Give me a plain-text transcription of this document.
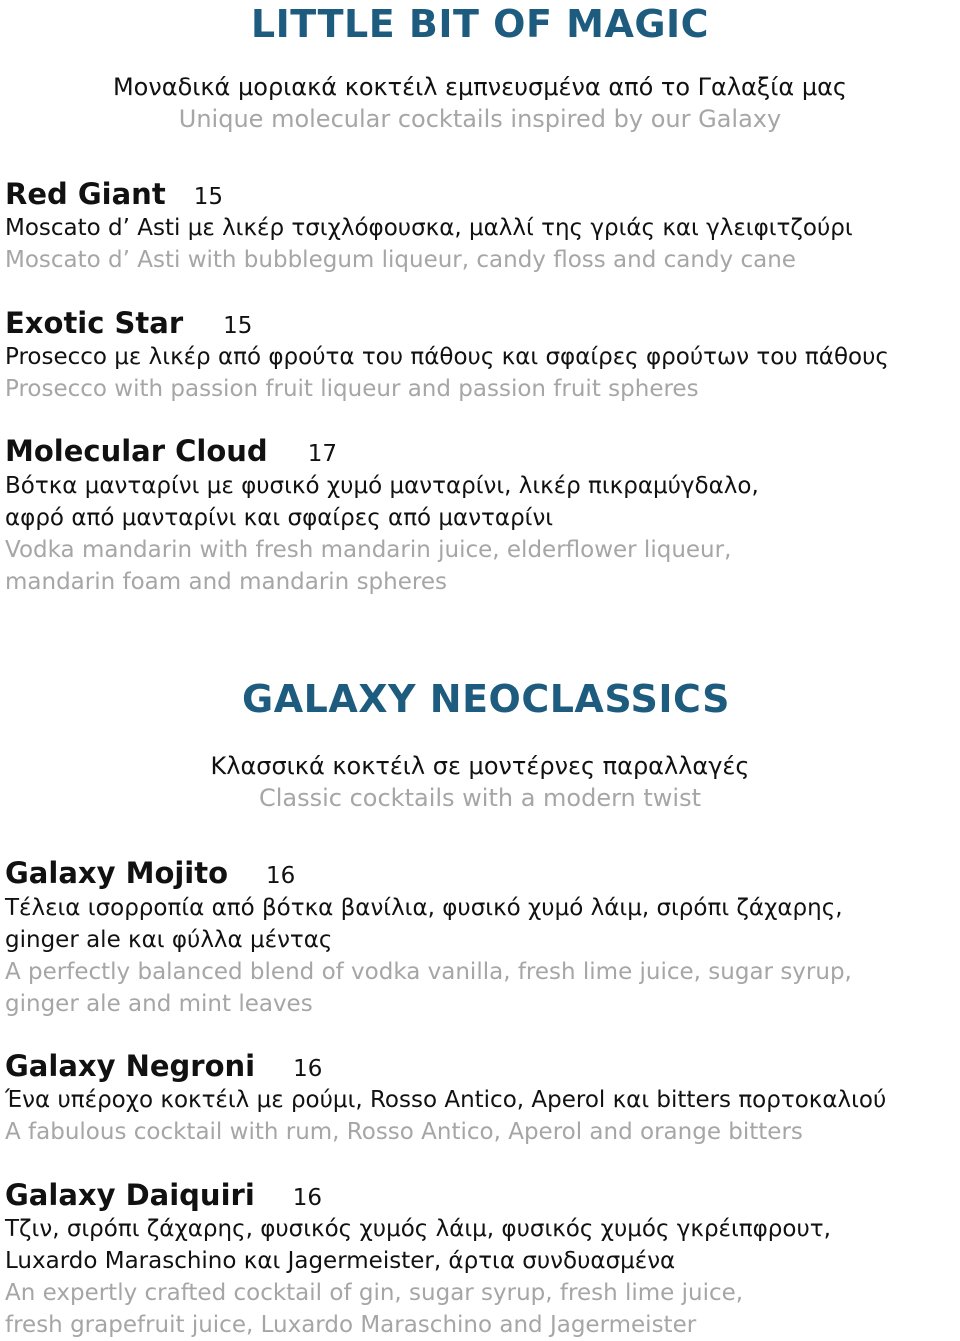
LITTLE BIT OF MAGIC
Μοναδικά μοριακά κοκτέιλ εμπνευσμένα από το Γαλαξία μας
Unique molecular cocktails inspired by our Galaxy
Red Giant 15
Moscato d’ Asti με λικέρ τσιχλόφουσκα, μαλλί της γριάς και γλειφιτζούρι
Moscato d’ Asti with bubblegum liqueur, candy floss and candy cane
Exotic Star 15
Prosecco με λικέρ από φρούτα του πάθους και σφαίρες φρούτων του πάθους
Prosecco with passion fruit liqueur and passion fruit spheres
Molecular Cloud 17
Βότκα μανταρίνι με φυσικό χυμό μανταρίνι, λικέρ πικραμύγδαλο,
αφρό από μανταρίνι και σφαίρες από μανταρίνι
Vodka mandarin with fresh mandarin juice, elderflower liqueur,
mandarin foam and mandarin spheres
GALAXY NEOCLASSICS
Κλασσικά κοκτέιλ σε μοντέρνες παραλλαγές
Classic cocktails with a modern twist
Galaxy Mojito 16
Τέλεια ισορροπία από βότκα βανίλια, φυσικό χυμό λάιμ, σιρόπι ζάχαρης,
ginger ale και φύλλα μέντας
A perfectly balanced blend of vodka vanilla, fresh lime juice, sugar syrup,
ginger ale and mint leaves
Galaxy Negroni 16
Ένα υπέροχο κοκτέιλ με ρούμι, Rosso Antico, Aperol και bitters πορτοκαλιού
A fabulous cocktail with rum, Rosso Antico, Aperol and orange bitters
Galaxy Daiquiri 16
Τζιν, σιρόπι ζάχαρης, φυσικός χυμός λάιμ, φυσικός χυμός γκρέιπφρουτ,
Luxardo Maraschino και Jagermeister, άρτια συνδυασμένα
An expertly crafted cocktail of gin, sugar syrup, fresh lime juice,
fresh grapefruit juice, Luxardo Maraschino and Jagermeister
